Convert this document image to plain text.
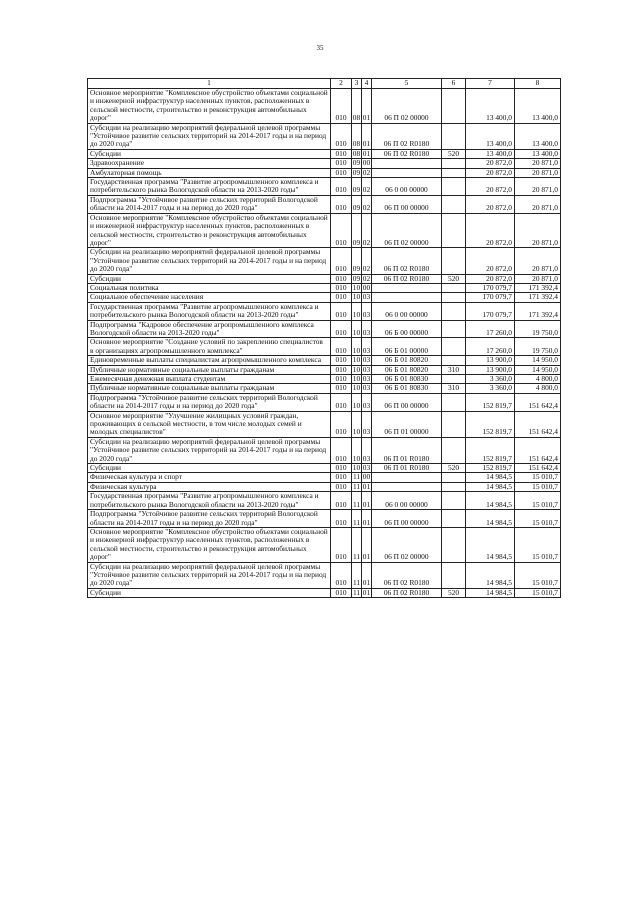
35
1	2	3	4	5	6	7	8
Основное мероприятие "Комплексное обустройство объектами социальной и инженерной инфраструктур населенных пунктов, расположенных в сельской местности, строительство и реконструкция автомобильных дорог"	010	08	01	06 П 02 00000		13 400,0	13 400,0
Субсидии на реализацию мероприятий федеральной целевой программы "Устойчивое развитие сельских территорий на 2014-2017 годы и на период до 2020 года"	010	08	01	06 П 02 R0180		13 400,0	13 400,0
Субсидии	010	08	01	06 П 02 R0180	520	13 400,0	13 400,0
Здравоохранение	010	09	00			20 872,0	20 871,0
Амбулаторная помощь	010	09	02			20 872,0	20 871,0
Государственная программа "Развитие агропромышленного комплекса и потребительского рынка Вологодской области на 2013-2020 годы"	010	09	02	06 0 00 00000		20 872,0	20 871,0
Подпрограмма "Устойчивое развитие сельских территорий Вологодской области на 2014-2017 годы и на период до 2020 года"	010	09	02	06 П 00 00000		20 872,0	20 871,0
Основное мероприятие "Комплексное обустройство объектами социальной и инженерной инфраструктур населенных пунктов, расположенных в сельской местности, строительство и реконструкция автомобильных дорог"	010	09	02	06 П 02 00000		20 872,0	20 871,0
Субсидии на реализацию мероприятий федеральной целевой программы "Устойчивое развитие сельских территорий на 2014-2017 годы и на период до 2020 года"	010	09	02	06 П 02 R0180		20 872,0	20 871,0
Субсидии	010	09	02	06 П 02 R0180	520	20 872,0	20 871,0
Социальная политика	010	10	00			170 079,7	171 392,4
Социальное обеспечение населения	010	10	03			170 079,7	171 392,4
Государственная программа "Развитие агропромышленного комплекса и потребительского рынка Вологодской области на 2013-2020 годы"	010	10	03	06 0 00 00000		170 079,7	171 392,4
Подпрограмма "Кадровое обеспечение агропромышленного комплекса Вологодской области на 2013-2020 годы"	010	10	03	06 Б 00 00000		17 260,0	19 750,0
Основное мероприятие "Создание условий по закреплению специалистов в организациях агропромышленного комплекса"	010	10	03	06 Б 01 00000		17 260,0	19 750,0
Единовременные выплаты специалистам агропромышленного комплекса	010	10	03	06 Б 01 80820		13 900,0	14 950,0
Публичные нормативные социальные выплаты гражданам	010	10	03	06 Б 01 80820	310	13 900,0	14 950,0
Ежемесячная денежная выплата студентам	010	10	03	06 Б 01 80830		3 360,0	4 800,0
Публичные нормативные социальные выплаты гражданам	010	10	03	06 Б 01 80830	310	3 360,0	4 800,0
Подпрограмма "Устойчивое развитие сельских территорий Вологодской области на 2014-2017 годы и на период до 2020 года"	010	10	03	06 П 00 00000		152 819,7	151 642,4
Основное мероприятие "Улучшение жилищных условий граждан, проживающих в сельской местности, в том числе молодых семей и молодых специалистов"	010	10	03	06 П 01 00000		152 819,7	151 642,4
Субсидии на реализацию мероприятий федеральной целевой программы "Устойчивое развитие сельских территорий на 2014-2017 годы и на период до 2020 года"	010	10	03	06 П 01 R0180		152 819,7	151 642,4
Субсидии	010	10	03	06 П 01 R0180	520	152 819,7	151 642,4
Физическая культура и спорт	010	11	00			14 984,5	15 010,7
Физическая культура	010	11	01			14 984,5	15 010,7
Государственная программа "Развитие агропромышленного комплекса и потребительского рынка Вологодской области на 2013-2020 годы"	010	11	01	06 0 00 00000		14 984,5	15 010,7
Подпрограмма "Устойчивое развитие сельских территорий Вологодской области на 2014-2017 годы и на период до 2020 года"	010	11	01	06 П 00 00000		14 984,5	15 010,7
Основное мероприятие "Комплексное обустройство объектами социальной и инженерной инфраструктур населенных пунктов, расположенных в сельской местности, строительство и реконструкция автомобильных дорог"	010	11	01	06 П 02 00000		14 984,5	15 010,7
Субсидии на реализацию мероприятий федеральной целевой программы "Устойчивое развитие сельских территорий на 2014-2017 годы и на период до 2020 года"	010	11	01	06 П 02 R0180		14 984,5	15 010,7
Субсидии	010	11	01	06 П 02 R0180	520	14 984,5	15 010,7
